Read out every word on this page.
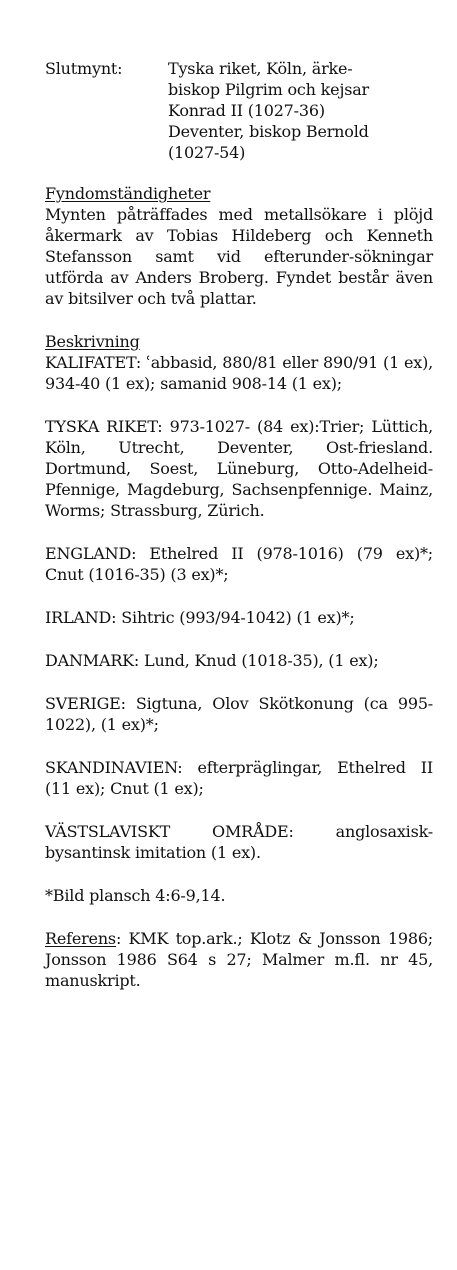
Slutmynt:	Tyska riket, Köln, ärke-
biskop Pilgrim och kejsar
Konrad II (1027-36)
Deventer, biskop Bernold
(1027-54)
Fyndomständigheter

Mynten påträffades med metallsökare i plöjd åkermark av Tobias Hildeberg och Kenneth Stefansson samt vid efterunder-sökningar utförda av Anders Broberg. Fyndet består även av bitsilver och två plattar.

Beskrivning

KALIFATET: ʿabbasid, 880/81 eller 890/91 (1 ex), 934-40 (1 ex); samanid 908-14 (1 ex);

TYSKA RIKET: 973-1027- (84 ex):Trier; Lüttich, Köln, Utrecht, Deventer, Ost-friesland. Dortmund, Soest, Lüneburg, Otto-Adelheid-Pfennige, Magdeburg, Sachsenpfennige. Mainz, Worms; Strassburg, Zürich.

ENGLAND: Ethelred II (978-1016) (79 ex)*; Cnut (1016-35) (3 ex)*;

IRLAND: Sihtric (993/94-1042) (1 ex)*;

DANMARK: Lund, Knud (1018-35), (1 ex);

SVERIGE: Sigtuna, Olov Skötkonung (ca 995-1022), (1 ex)*;

SKANDINAVIEN: efterpräglingar, Ethelred II (11 ex); Cnut (1 ex);

VÄSTSLAVISKT OMRÅDE:	anglosaxisk-bysantinsk imitation (1 ex).

*Bild plansch 4:6-9,14.

Referens: KMK top.ark.; Klotz & Jonsson 1986; Jonsson 1986 S64 s 27; Malmer m.fl. nr 45, manuskript.
